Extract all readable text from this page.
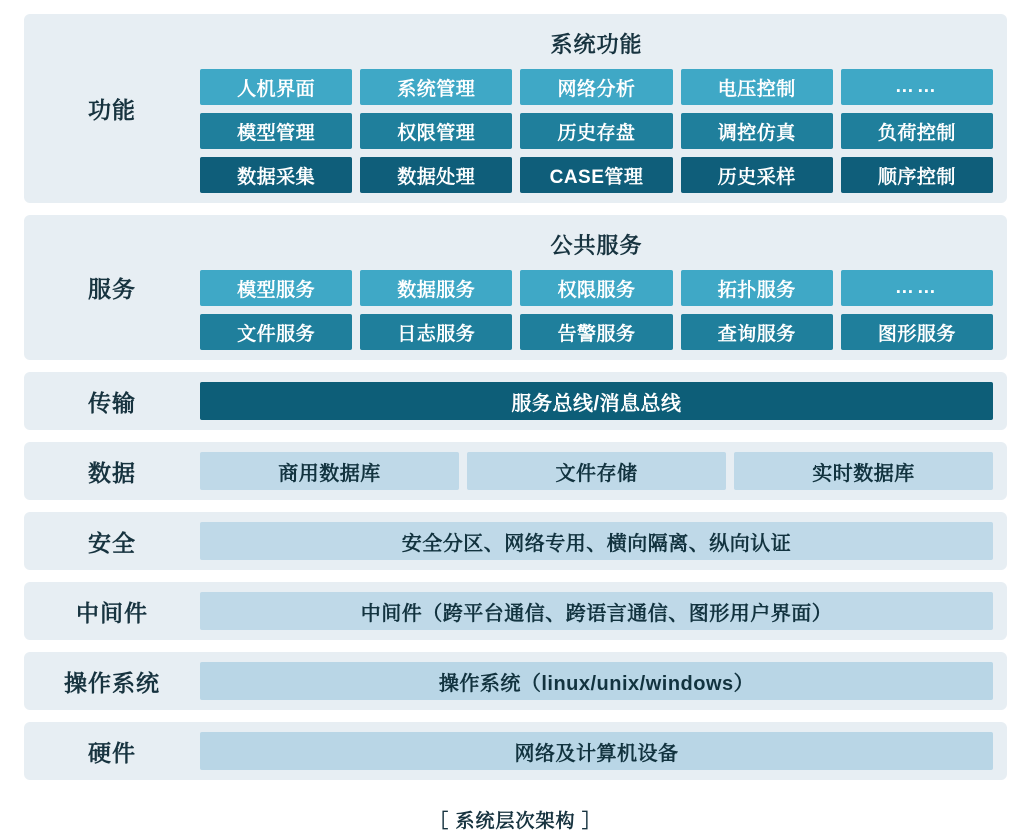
功能
系统功能
人机界面	系统管理	网络分析	电压控制	……
模型管理	权限管理	历史存盘	调控仿真	负荷控制
数据采集	数据处理	CASE管理	历史采样	顺序控制
服务
公共服务
模型服务	数据服务	权限服务	拓扑服务	……
文件服务	日志服务	告警服务	查询服务	图形服务
传输	服务总线/消息总线
数据	商用数据库	文件存储	实时数据库
安全	安全分区、网络专用、横向隔离、纵向认证
中间件	中间件（跨平台通信、跨语言通信、图形用户界面）
操作系统	操作系统（linux/unix/windows）
硬件	网络及计算机设备
［ 系统层次架构 ］
